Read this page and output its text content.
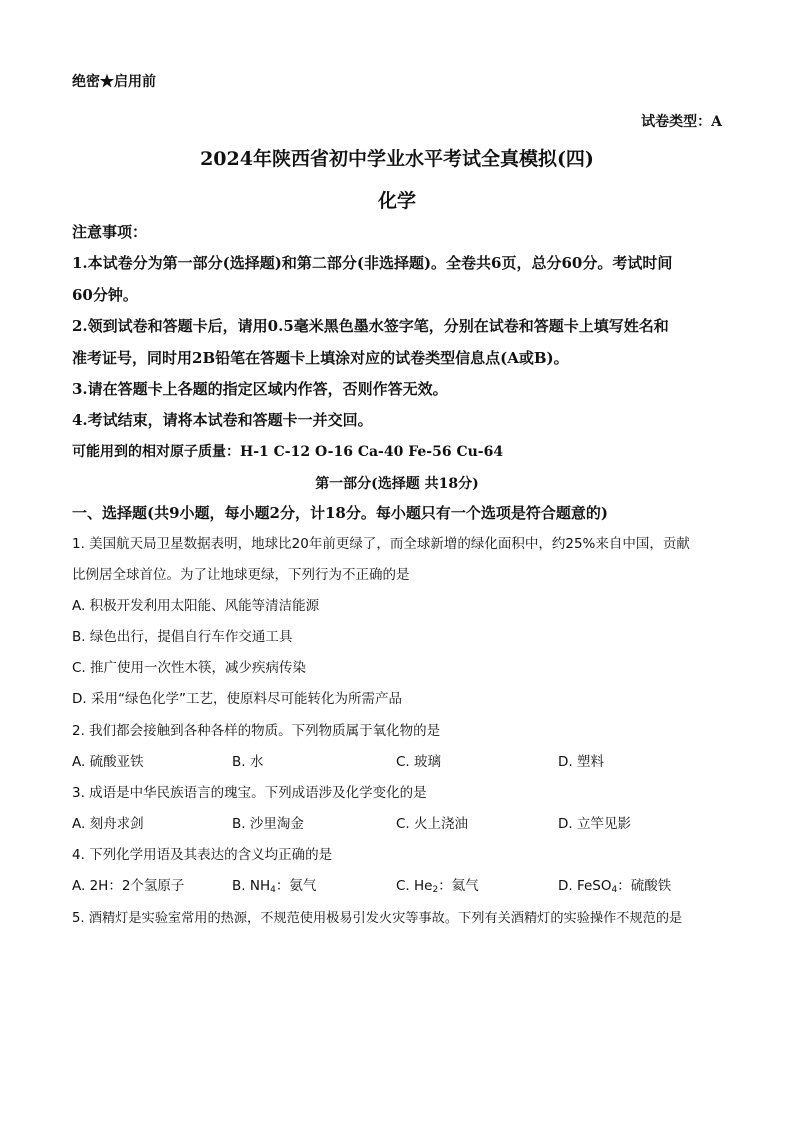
绝密★启用前
试卷类型：A
2024年陕西省初中学业水平考试全真模拟(四)
化学
注意事项：
1.本试卷分为第一部分(选择题)和第二部分(非选择题)。全卷共6页，总分60分。考试时间
60分钟。
2.领到试卷和答题卡后，请用0.5毫米黑色墨水签字笔，分别在试卷和答题卡上填写姓名和
准考证号，同时用2B铅笔在答题卡上填涂对应的试卷类型信息点(A或B)。
3.请在答题卡上各题的指定区域内作答，否则作答无效。
4.考试结束，请将本试卷和答题卡一并交回。
可能用到的相对原子质量：H-1 C-12 O-16 Ca-40 Fe-56 Cu-64
第一部分(选择题 共18分)
一、选择题(共9小题，每小题2分，计18分。每小题只有一个选项是符合题意的)
1. 美国航天局卫星数据表明，地球比20年前更绿了，而全球新增的绿化面积中，约25%来自中国，贡献
比例居全球首位。为了让地球更绿，下列行为不正确的是
A. 积极开发利用太阳能、风能等清洁能源
B. 绿色出行，提倡自行车作交通工具
C. 推广使用一次性木筷，减少疾病传染
D. 采用“绿色化学”工艺，使原料尽可能转化为所需产品
2. 我们都会接触到各种各样的物质。下列物质属于氧化物的是
A. 硫酸亚铁	B. 水	C. 玻璃	D. 塑料
3. 成语是中华民族语言的瑰宝。下列成语涉及化学变化的是
A. 刻舟求剑	B. 沙里淘金	C. 火上浇油	D. 立竿见影
4. 下列化学用语及其表达的含义均正确的是
A. 2H：2个氢原子	B. $NH_4$：氨气	C. $He_2$：氦气	D. FeSO$_4$：硫酸铁
5. 酒精灯是实验室常用的热源，不规范使用极易引发火灾等事故。下列有关酒精灯的实验操作不规范的是
